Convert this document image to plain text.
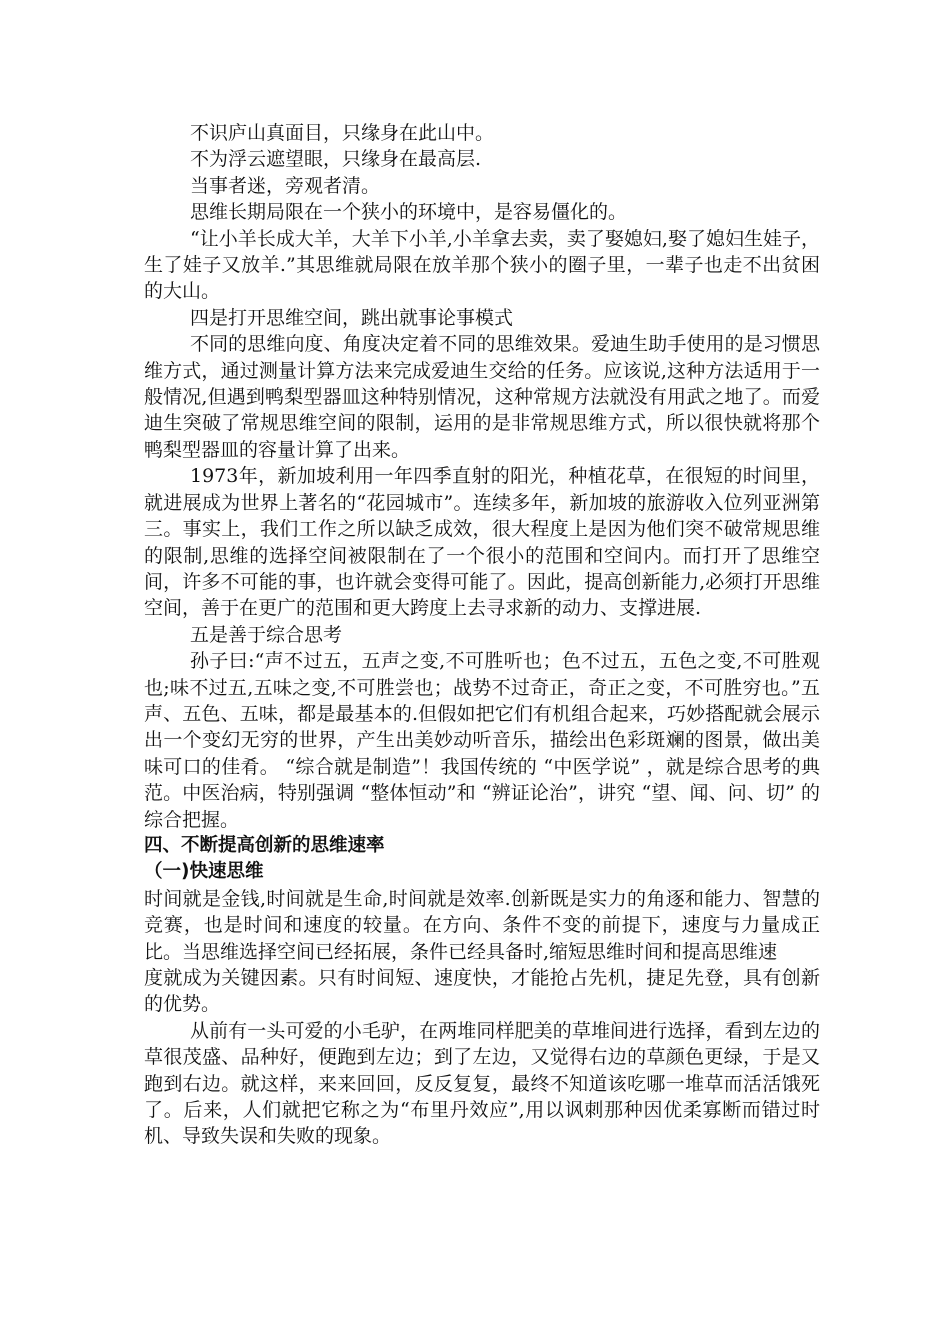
不识庐山真面目，只缘身在此山中。

不为浮云遮望眼，只缘身在最高层.

当事者迷，旁观者清。

思维长期局限在一个狭小的环境中，是容易僵化的。

“让小羊长成大羊，大羊下小羊,小羊拿去卖，卖了娶媳妇,娶了媳妇生娃子，生了娃子又放羊.”其思维就局限在放羊那个狭小的圈子里，一辈子也走不出贫困的大山。

四是打开思维空间，跳出就事论事模式

不同的思维向度、角度决定着不同的思维效果。爱迪生助手使用的是习惯思维方式，通过测量计算方法来完成爱迪生交给的任务。应该说,这种方法适用于一般情况,但遇到鸭梨型器皿这种特别情况，这种常规方法就没有用武之地了。而爱迪生突破了常规思维空间的限制，运用的是非常规思维方式，所以很快就将那个鸭梨型器皿的容量计算了出来。

1973年，新加坡利用一年四季直射的阳光，种植花草，在很短的时间里，就进展成为世界上著名的“花园城市”。连续多年，新加坡的旅游收入位列亚洲第三。事实上，我们工作之所以缺乏成效，很大程度上是因为他们突不破常规思维的限制,思维的选择空间被限制在了一个很小的范围和空间内。而打开了思维空间，许多不可能的事，也许就会变得可能了。因此，提高创新能力,必须打开思维空间，善于在更广的范围和更大跨度上去寻求新的动力、支撑进展.

五是善于综合思考

孙子曰:“声不过五，五声之变,不可胜听也；色不过五，五色之变,不可胜观也;味不过五,五味之变,不可胜尝也；战势不过奇正，奇正之变，不可胜穷也。”五声、五色、五味，都是最基本的.但假如把它们有机组合起来，巧妙搭配就会展示出一个变幻无穷的世界，产生出美妙动听音乐，描绘出色彩斑斓的图景，做出美味可口的佳肴。 “综合就是制造”！我国传统的 “中医学说” ，就是综合思考的典范。中医治病，特别强调 “整体恒动”和 “辨证论治”，讲究 “望、闻、问、切” 的综合把握。

四、不断提高创新的思维速率

（一)快速思维

时间就是金钱,时间就是生命,时间就是效率.创新既是实力的角逐和能力、智慧的竞赛，也是时间和速度的较量。在方向、条件不变的前提下，速度与力量成正比。当思维选择空间已经拓展，条件已经具备时,缩短思维时间和提高思维速

度就成为关键因素。只有时间短、速度快，才能抢占先机，捷足先登，具有创新的优势。

从前有一头可爱的小毛驴，在两堆同样肥美的草堆间进行选择，看到左边的草很茂盛、品种好，便跑到左边；到了左边，又觉得右边的草颜色更绿，于是又跑到右边。就这样，来来回回，反反复复，最终不知道该吃哪一堆草而活活饿死了。后来，人们就把它称之为“布里丹效应”,用以讽刺那种因优柔寡断而错过时机、导致失误和失败的现象。
